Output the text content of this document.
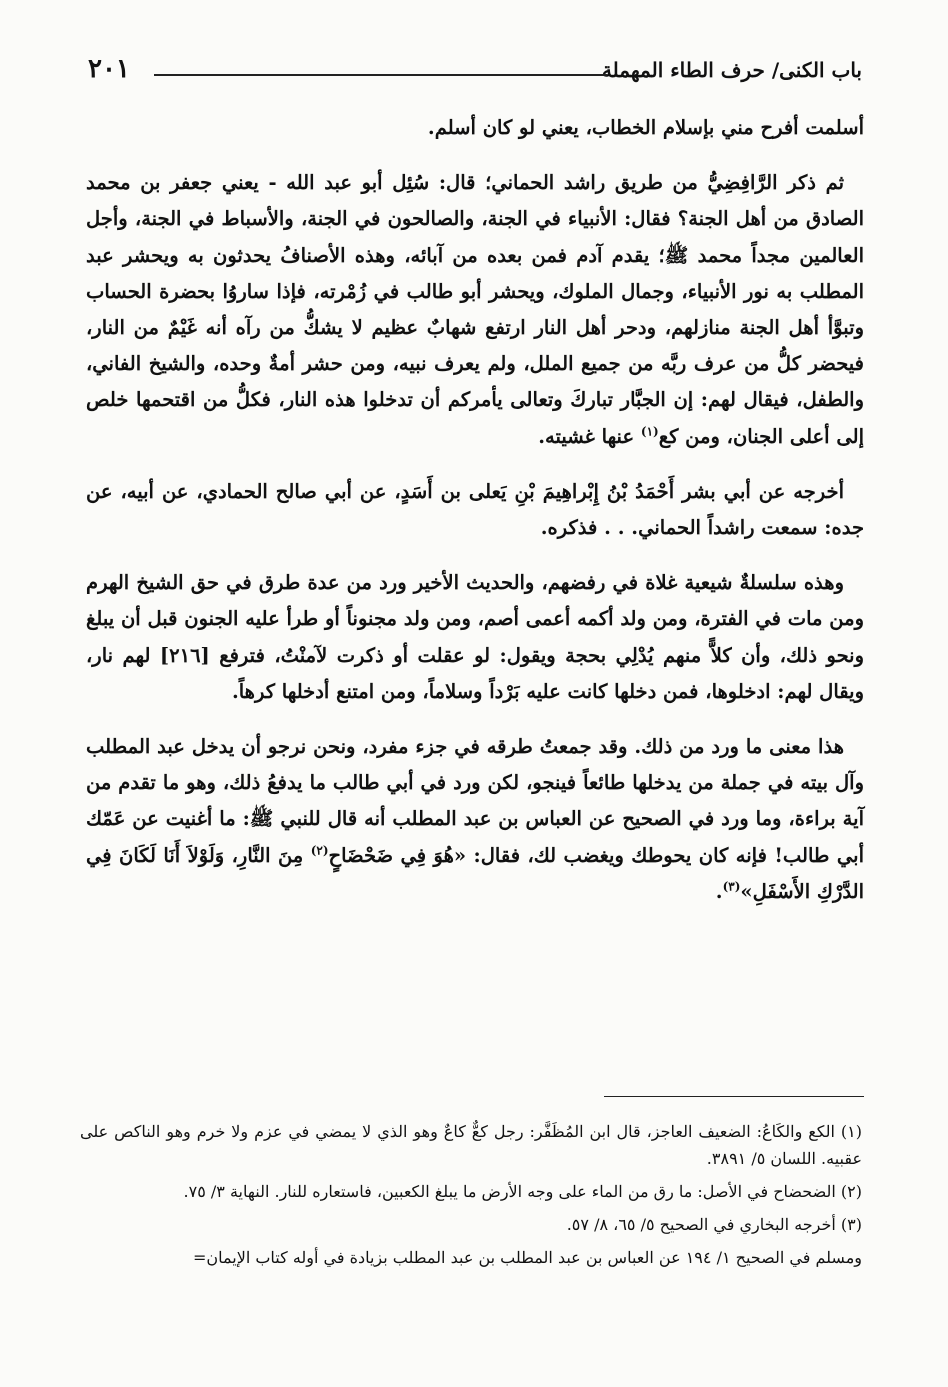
باب الكنى/ حرف الطاء المهملة
٢٠١

أسلمت أفرح مني بإسلام الخطاب، يعني لو كان أسلم.

ثم ذكر الرَّافِضِيُّ من طريق راشد الحماني؛ قال: سُئِل أبو عبد الله - يعني جعفر بن محمد الصادق من أهل الجنة؟ فقال: الأنبياء في الجنة، والصالحون في الجنة، والأسباط في الجنة، وأجل العالمين مجداً محمد ﷺ؛ يقدم آدم فمن بعده من آبائه، وهذه الأصنافُ يحدثون به ويحشر عبد المطلب به نور الأنبياء، وجمال الملوك، ويحشر أبو طالب في زُمْرته، فإذا ساروُا بحضرة الحساب وتبوَّأ أهل الجنة منازلهم، ودحر أهل النار ارتفع شهابٌ عظيم لا يشكُّ من رآه أنه غَيْمٌ من النار، فيحضر كلُّ من عرف ربَّه من جميع الملل، ولم يعرف نبيه، ومن حشر أمةٌ وحده، والشيخ الفاني، والطفل، فيقال لهم: إن الجبَّار تباركَ وتعالى يأمركم أن تدخلوا هذه النار، فكلُّ من اقتحمها خلص إلى أعلى الجنان، ومن كع$^{(١)}$ عنها غشيته.

أخرجه عن أبي بشر أَحْمَدُ بْنُ إِبْراهِيمَ بْنِ يَعلى بن أَسَدٍ، عن أبي صالح الحمادي، عن أبيه، عن جده: سمعت راشداً الحماني. . . فذكره.

وهذه سلسلةٌ شيعية غلاة في رفضهم، والحديث الأخير ورد من عدة طرق في حق الشيخ الهرم ومن مات في الفترة، ومن ولد أكمه أعمى أصم، ومن ولد مجنوناً أو طرأ عليه الجنون قبل أن يبلغ ونحو ذلك، وأن كلاًّ منهم يُدْلِي بحجة ويقول: لو عقلت أو ذكرت لآمنْتُ، فترفع [٢١٦] لهم نار، ويقال لهم: ادخلوها، فمن دخلها كانت عليه بَرْداً وسلاماً، ومن امتنع أدخلها كرهاً.

هذا معنى ما ورد من ذلك. وقد جمعتُ طرقه في جزء مفرد، ونحن نرجو أن يدخل عبد المطلب وآل بيته في جملة من يدخلها طائعاً فينجو، لكن ورد في أبي طالب ما يدفعُ ذلك، وهو ما تقدم من آية براءة، وما ورد في الصحيح عن العباس بن عبد المطلب أنه قال للنبي ﷺ: ما أغنيت عن عَمّك أبي طالب! فإنه كان يحوطك ويغضب لك، فقال: «هُوَ فِي ضَحْضَاحٍ$^{(٢)}$ مِنَ النَّارِ، وَلَوْلاَ أَنَا لَكَانَ فِي الدَّرْكِ الأَسْفَلِ»$^{(٣)}$.

(١) الكع والكَاعُ: الضعيف العاجز، قال ابن المُظَفَّر: رجل كعٌّ كاعٌ وهو الذي لا يمضي في عزم ولا خرم وهو الناكص على عقبيه. اللسان ٥/ ٣٨٩١.

(٢) الضحضاح في الأصل: ما رق من الماء على وجه الأرض ما يبلغ الكعبين، فاستعاره للنار. النهاية ٣/ ٧٥.

(٣) أخرجه البخاري في الصحيح ٥/ ٦٥، ٨/ ٥٧.

ومسلم في الصحيح ١/ ١٩٤ عن العباس بن عبد المطلب بن عبد المطلب بزيادة في أوله كتاب الإيمان=
